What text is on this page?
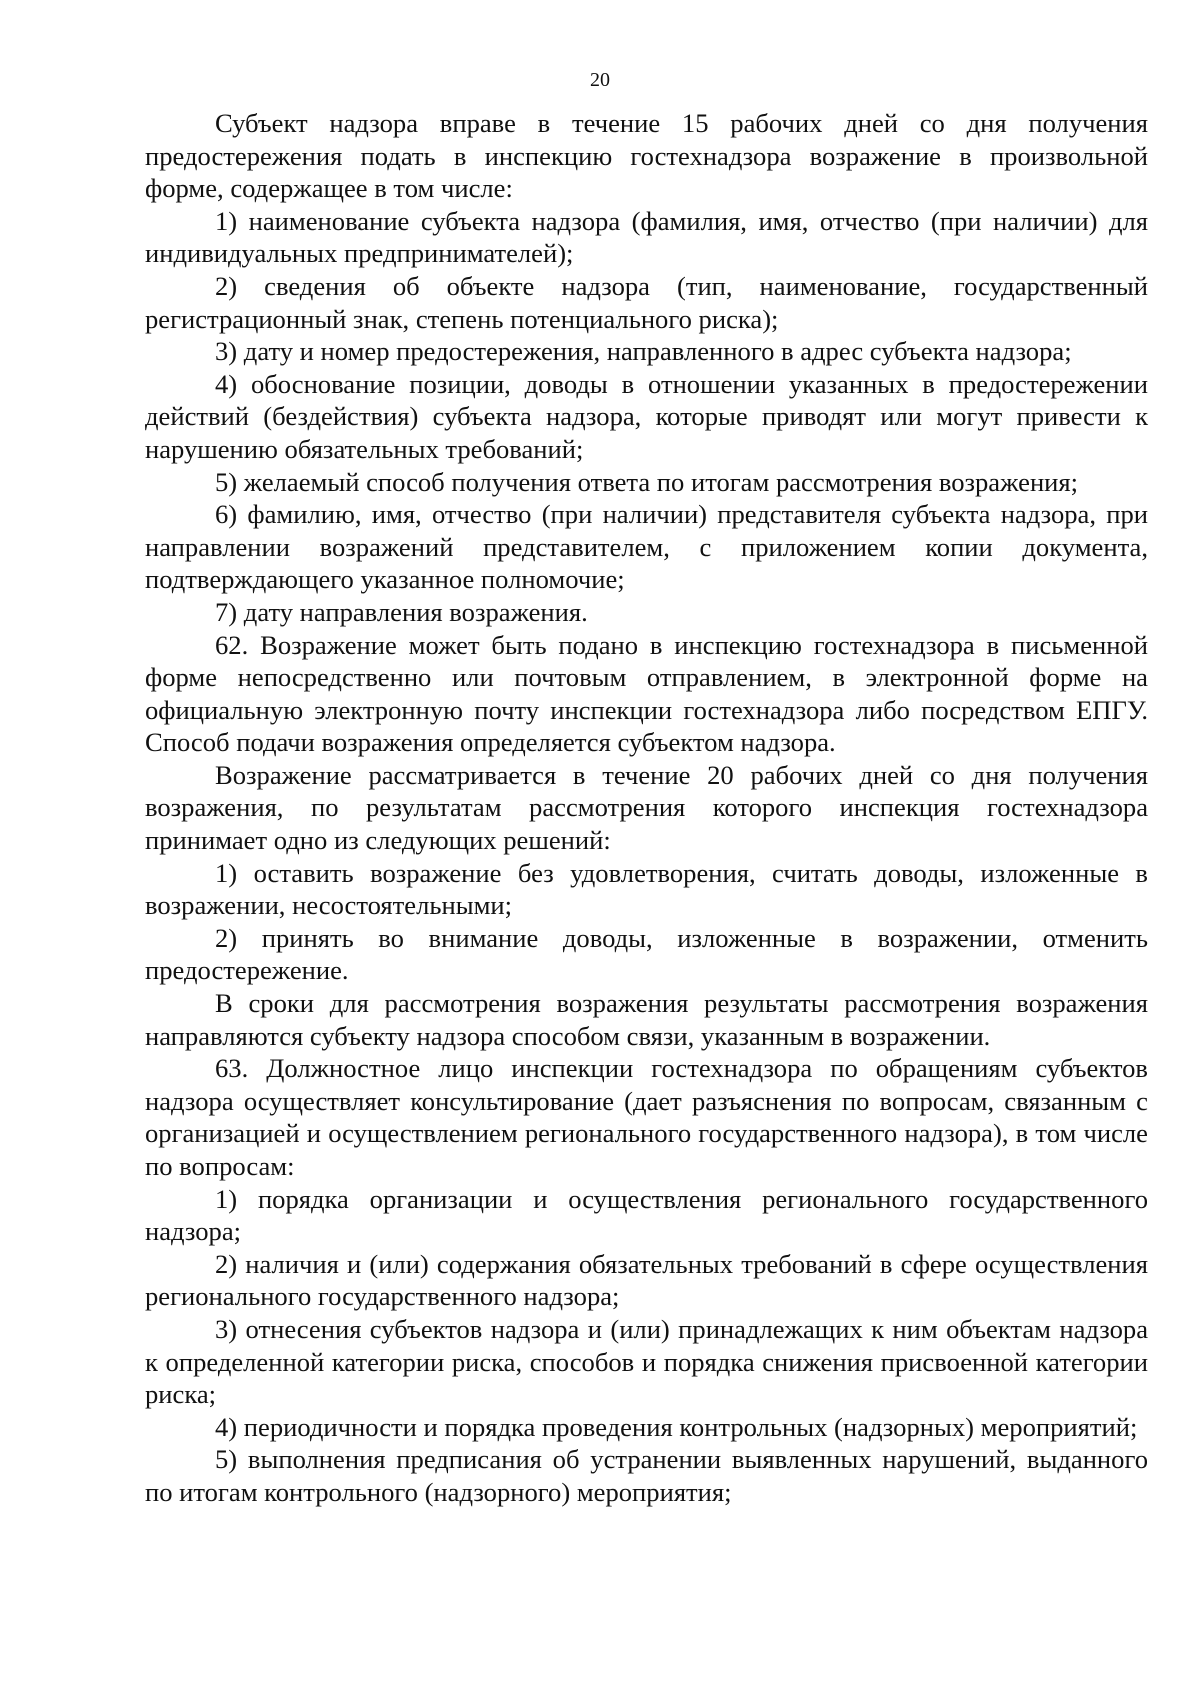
20

Субъект надзора вправе в течение 15 рабочих дней со дня получения предостережения подать в инспекцию гостехнадзора возражение в произвольной форме, содержащее в том числе:

1) наименование субъекта надзора (фамилия, имя, отчество (при наличии) для индивидуальных предпринимателей);

2) сведения об объекте надзора (тип, наименование, государственный регистрационный знак, степень потенциального риска);

3) дату и номер предостережения, направленного в адрес субъекта надзора;

4) обоснование позиции, доводы в отношении указанных в предостережении действий (бездействия) субъекта надзора, которые приводят или могут привести к нарушению обязательных требований;

5) желаемый способ получения ответа по итогам рассмотрения возражения;

6) фамилию, имя, отчество (при наличии) представителя субъекта надзора, при направлении возражений представителем, с приложением копии документа, подтверждающего указанное полномочие;

7) дату направления возражения.

62. Возражение может быть подано в инспекцию гостехнадзора в письменной форме непосредственно или почтовым отправлением, в электронной форме на официальную электронную почту инспекции гостехнадзора либо посредством ЕПГУ. Способ подачи возражения определяется субъектом надзора.

Возражение рассматривается в течение 20 рабочих дней со дня получения возражения, по результатам рассмотрения которого инспекция гостехнадзора принимает одно из следующих решений:

1) оставить возражение без удовлетворения, считать доводы, изложенные в возражении, несостоятельными;

2) принять во внимание доводы, изложенные в возражении, отменить предостережение.

В сроки для рассмотрения возражения результаты рассмотрения возражения направляются субъекту надзора способом связи, указанным в возражении.

63. Должностное лицо инспекции гостехнадзора по обращениям субъектов надзора осуществляет консультирование (дает разъяснения по вопросам, связанным с организацией и осуществлением регионального государственного надзора), в том числе по вопросам:

1) порядка организации и осуществления регионального государственного надзора;

2) наличия и (или) содержания обязательных требований в сфере осуществления регионального государственного надзора;

3) отнесения субъектов надзора и (или) принадлежащих к ним объектам надзора к определенной категории риска, способов и порядка снижения присвоенной категории риска;

4) периодичности и порядка проведения контрольных (надзорных) мероприятий;

5) выполнения предписания об устранении выявленных нарушений, выданного по итогам контрольного (надзорного) мероприятия;
